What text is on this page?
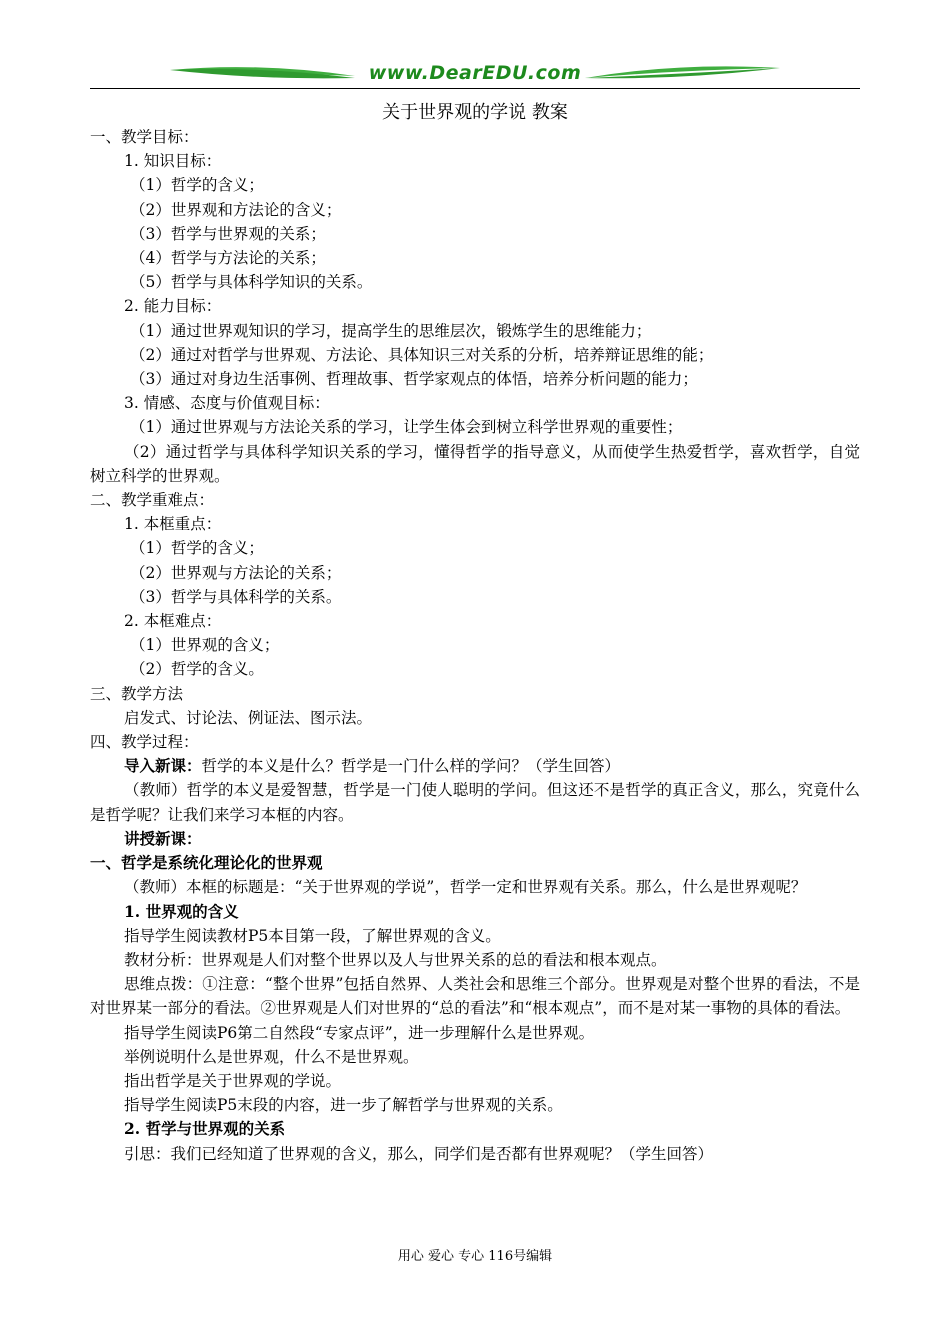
www.DearEDU.com
关于世界观的学说 教案
一、教学目标：
1. 知识目标：
（1）哲学的含义；
（2）世界观和方法论的含义；
（3）哲学与世界观的关系；
（4）哲学与方法论的关系；
（5）哲学与具体科学知识的关系。
2. 能力目标：
（1）通过世界观知识的学习，提高学生的思维层次，锻炼学生的思维能力；
（2）通过对哲学与世界观、方法论、具体知识三对关系的分析，培养辩证思维的能；
（3）通过对身边生活事例、哲理故事、哲学家观点的体悟，培养分析问题的能力；
3. 情感、态度与价值观目标：
（1）通过世界观与方法论关系的学习，让学生体会到树立科学世界观的重要性；
（2）通过哲学与具体科学知识关系的学习，懂得哲学的指导意义，从而使学生热爱哲学，喜欢哲学，自觉树立科学的世界观。
二、教学重难点：
1. 本框重点：
（1）哲学的含义；
（2）世界观与方法论的关系；
（3）哲学与具体科学的关系。
2. 本框难点：
（1）世界观的含义；
（2）哲学的含义。
三、教学方法
启发式、讨论法、例证法、图示法。
四、教学过程：
导入新课：哲学的本义是什么？哲学是一门什么样的学问？（学生回答）
（教师）哲学的本义是爱智慧，哲学是一门使人聪明的学问。但这还不是哲学的真正含义，那么，究竟什么是哲学呢？让我们来学习本框的内容。
讲授新课：
一、哲学是系统化理论化的世界观
（教师）本框的标题是：“关于世界观的学说”，哲学一定和世界观有关系。那么，什么是世界观呢？
1. 世界观的含义
指导学生阅读教材P5本目第一段，了解世界观的含义。
教材分析：世界观是人们对整个世界以及人与世界关系的总的看法和根本观点。
思维点拨：①注意：“整个世界”包括自然界、人类社会和思维三个部分。世界观是对整个世界的看法，不是对世界某一部分的看法。②世界观是人们对世界的“总的看法”和“根本观点”，而不是对某一事物的具体的看法。
指导学生阅读P6第二自然段“专家点评”，进一步理解什么是世界观。
举例说明什么是世界观，什么不是世界观。
指出哲学是关于世界观的学说。
指导学生阅读P5末段的内容，进一步了解哲学与世界观的关系。
2. 哲学与世界观的关系
引思：我们已经知道了世界观的含义，那么，同学们是否都有世界观呢？（学生回答）
用心 爱心 专心 116号编辑
